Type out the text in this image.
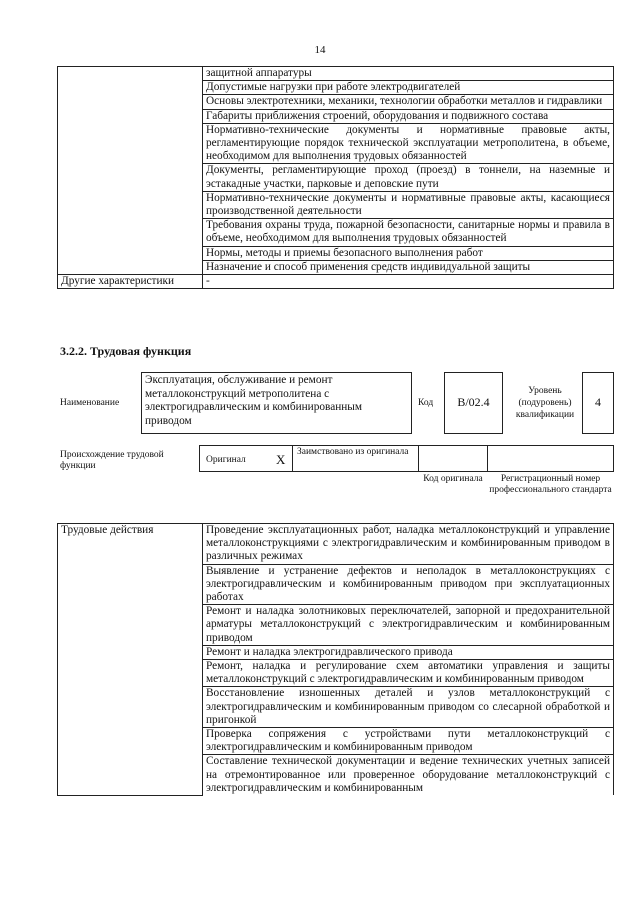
14
	защитной аппаратуры
	Допустимые нагрузки при работе электродвигателей
	Основы электротехники, механики, технологии обработки металлов и гидравлики
	Габариты приближения строений, оборудования и подвижного состава
	Нормативно-технические документы и нормативные правовые акты, регламентирующие порядок технической эксплуатации метрополитена, в объеме, необходимом для выполнения трудовых обязанностей
	Документы, регламентирующие проход (проезд) в тоннели, на наземные и эстакадные участки, парковые и деповские пути
	Нормативно-технические документы и нормативные правовые акты, касающиеся производственной деятельности
	Требования охраны труда, пожарной безопасности, санитарные нормы и правила в объеме, необходимом для выполнения трудовых обязанностей
	Нормы, методы и приемы безопасного выполнения работ
	Назначение и способ применения средств индивидуальной защиты
Другие характеристики	-
3.2.2. Трудовая функция
Наименование
Эксплуатация, обслуживание и ремонт металлоконструкций метрополитена с электрогидравлическим и комбинированным приводом
Код	B/02.4
Уровень (подуровень) квалификации
4
Происхождение трудовой функции
Оригинал	X	Заимствовано из оригинала
Код оригинала	Регистрационный номер профессионального стандарта
Трудовые действия	Проведение эксплуатационных работ, наладка металлоконструкций и управление металлоконструкциями с электрогидравлическим и комбинированным приводом в различных режимах
Выявление и устранение дефектов и неполадок в металлоконструкциях с электрогидравлическим и комбинированным приводом при эксплуатационных работах
Ремонт и наладка золотниковых переключателей, запорной и предохранительной арматуры металлоконструкций с электрогидравлическим и комбинированным приводом
Ремонт и наладка электрогидравлического привода
Ремонт, наладка и регулирование схем автоматики управления и защиты металлоконструкций с электрогидравлическим и комбинированным приводом
Восстановление изношенных деталей и узлов металлоконструкций с электрогидравлическим и комбинированным приводом со слесарной обработкой и пригонкой
Проверка сопряжения с устройствами пути металлоконструкций с электрогидравлическим и комбинированным приводом
Составление технической документации и ведение технических учетных записей на отремонтированное или проверенное оборудование металлоконструкций с электрогидравлическим и комбинированным
